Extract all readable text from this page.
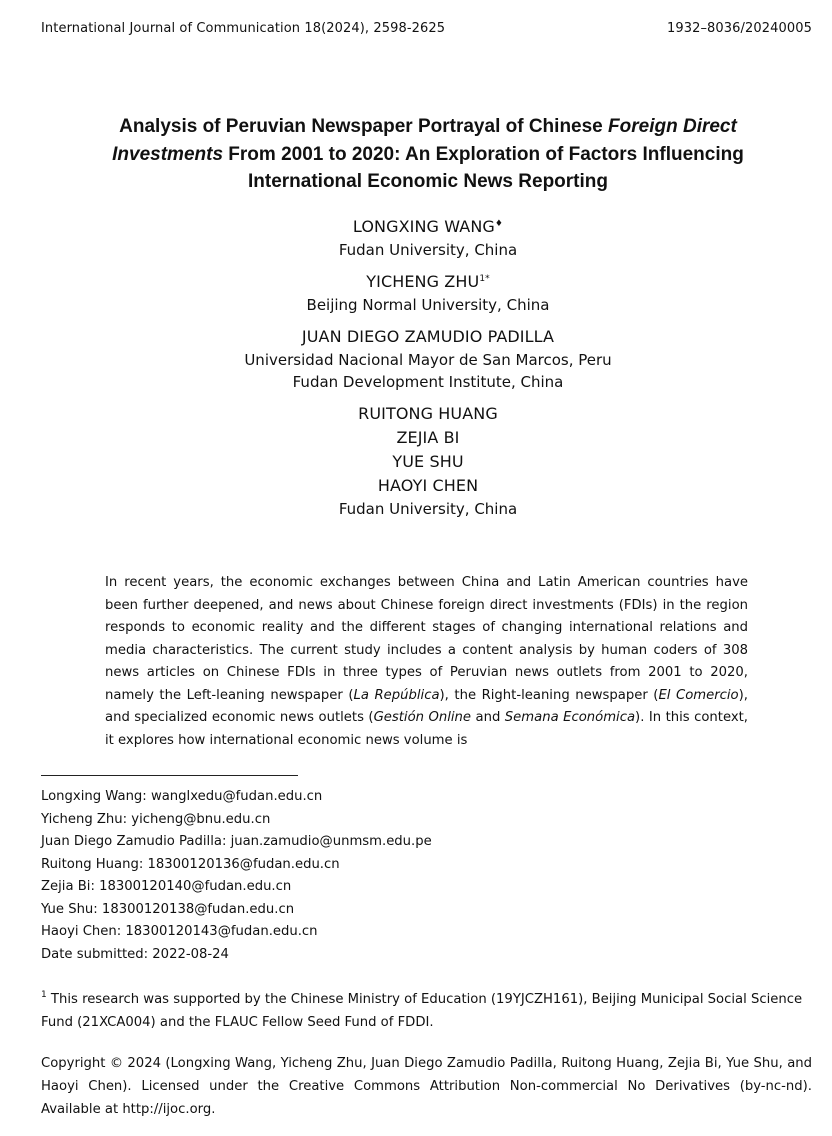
International Journal of Communication 18(2024), 2598-2625	1932–8036/20240005
Analysis of Peruvian Newspaper Portrayal of Chinese Foreign Direct
Investments From 2001 to 2020: An Exploration of Factors Influencing
International Economic News Reporting
LONGXING WANG♦
Fudan University, China
YICHENG $ZHU^{1*}$
Beijing Normal University, China
JUAN DIEGO ZAMUDIO PADILLA
Universidad Nacional Mayor de San Marcos, Peru
Fudan Development Institute, China
RUITONG HUANG
ZEJIA BI
YUE SHU
HAOYI CHEN
Fudan University, China

In recent years, the economic exchanges between China and Latin American countries have been further deepened, and news about Chinese foreign direct investments (FDIs) in the region responds to economic reality and the different stages of changing international relations and media characteristics. The current study includes a content analysis by human coders of 308 news articles on Chinese FDIs in three types of Peruvian news outlets from 2001 to 2020, namely the Left-leaning newspaper (La República), the Right-leaning newspaper (El Comercio), and specialized economic news outlets (Gestión Online and Semana Económica). In this context, it explores how international economic news volume is

Longxing Wang: wanglxedu@fudan.edu.cn
Yicheng Zhu: yicheng@bnu.edu.cn
Juan Diego Zamudio Padilla: juan.zamudio@unmsm.edu.pe
Ruitong Huang: 18300120136@fudan.edu.cn
Zejia Bi: 18300120140@fudan.edu.cn
Yue Shu: 18300120138@fudan.edu.cn
Haoyi Chen: 18300120143@fudan.edu.cn
Date submitted: 2022-08-24

$^1$ This research was supported by the Chinese Ministry of Education (19YJCZH161), Beijing Municipal Social Science Fund (21XCA004) and the FLAUC Fellow Seed Fund of FDDI.

Copyright © 2024 (Longxing Wang, Yicheng Zhu, Juan Diego Zamudio Padilla, Ruitong Huang, Zejia Bi, Yue Shu, and Haoyi Chen). Licensed under the Creative Commons Attribution Non-commercial No Derivatives (by-nc-nd). Available at http://ijoc.org.
